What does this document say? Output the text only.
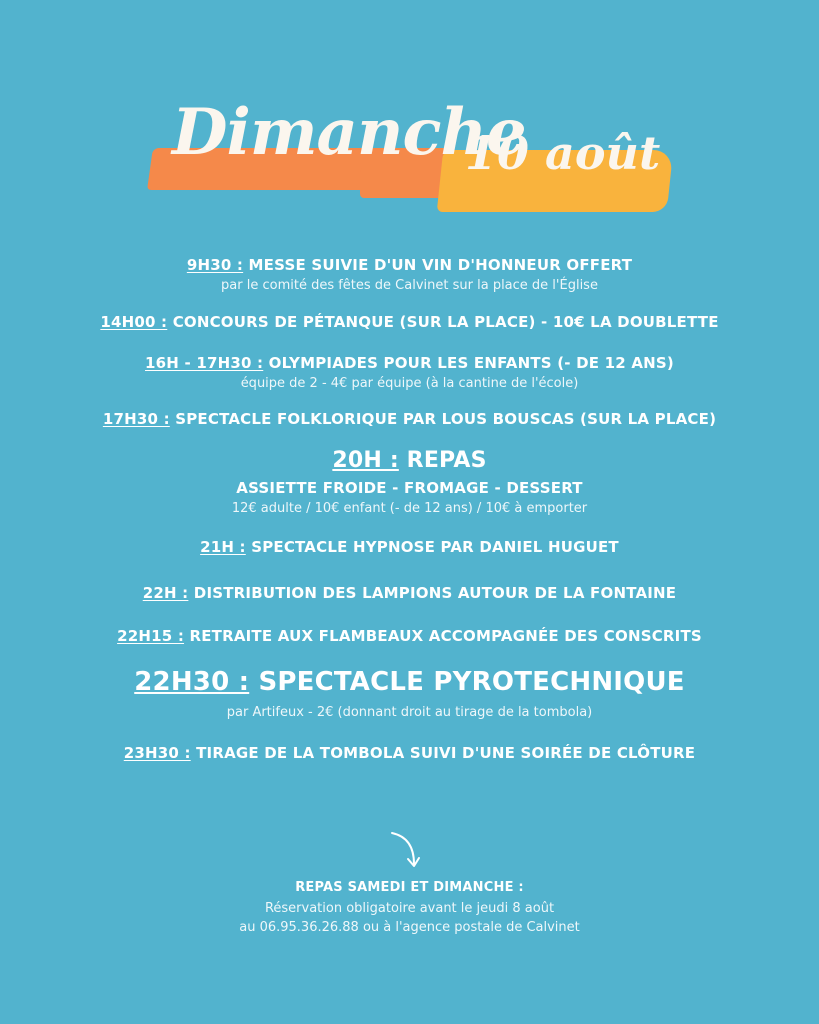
Dimanche
10 août

9H30 : MESSE SUIVIE D'UN VIN D'HONNEUR OFFERT

par le comité des fêtes de Calvinet sur la place de l'Église

14H00 : CONCOURS DE PÉTANQUE (SUR LA PLACE) - 10€ LA DOUBLETTE

16H - 17H30 : OLYMPIADES POUR LES ENFANTS (- DE 12 ANS)

équipe de 2 - 4€ par équipe (à la cantine de l'école)

17H30 : SPECTACLE FOLKLORIQUE PAR LOUS BOUSCAS (SUR LA PLACE)

20H : REPAS

ASSIETTE FROIDE - FROMAGE - DESSERT

12€ adulte / 10€ enfant (- de 12 ans) / 10€ à emporter

21H : SPECTACLE HYPNOSE PAR DANIEL HUGUET

22H : DISTRIBUTION DES LAMPIONS AUTOUR DE LA FONTAINE

22H15 : RETRAITE AUX FLAMBEAUX ACCOMPAGNÉE DES CONSCRITS

22H30 : SPECTACLE PYROTECHNIQUE

par Artifeux - 2€ (donnant droit au tirage de la tombola)

23H30 : TIRAGE DE LA TOMBOLA SUIVI D'UNE SOIRÉE DE CLÔTURE

REPAS SAMEDI ET DIMANCHE :

Réservation obligatoire avant le jeudi 8 août

au 06.95.36.26.88 ou à l'agence postale de Calvinet
